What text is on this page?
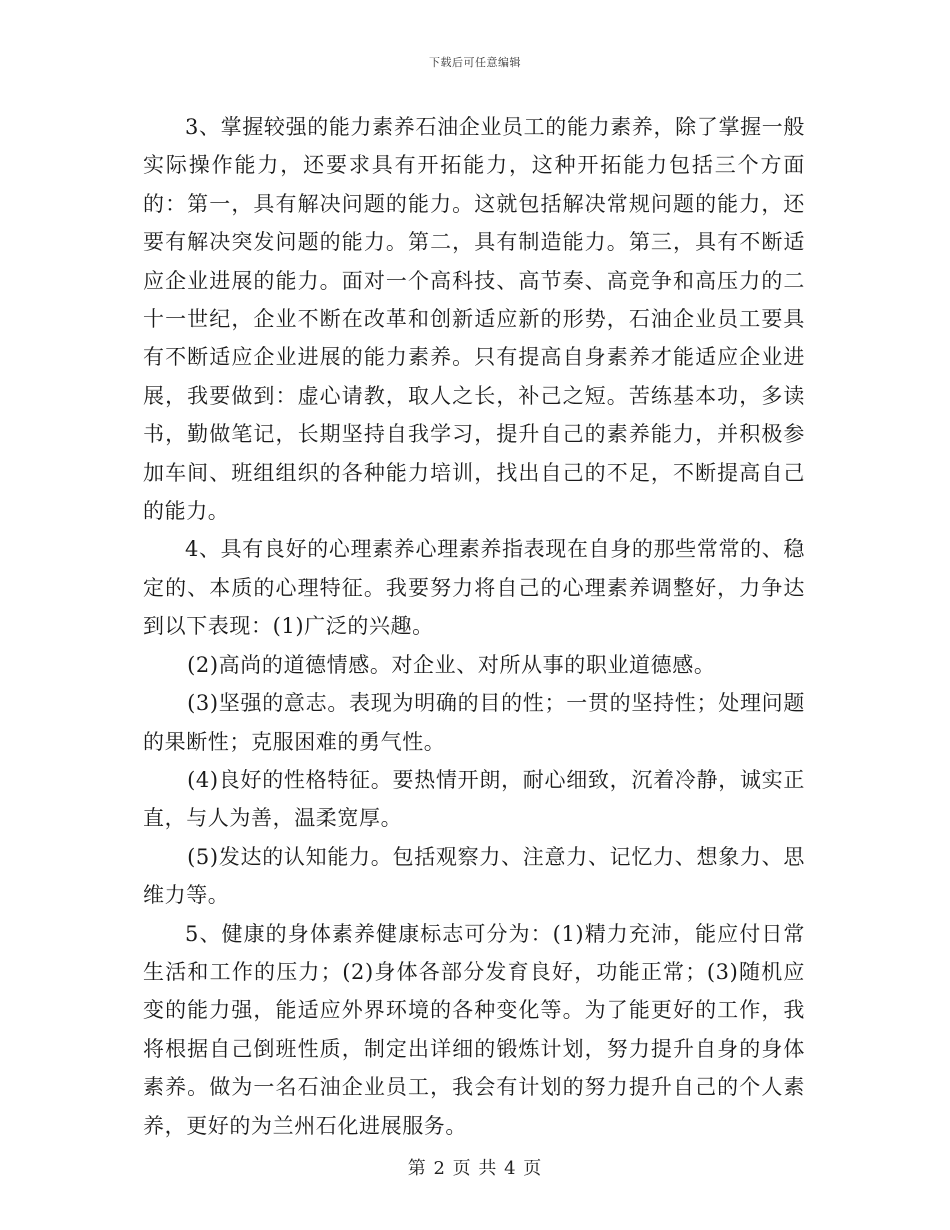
下载后可任意编辑

3、掌握较强的能力素养石油企业员工的能力素养，除了掌握一般实际操作能力，还要求具有开拓能力，这种开拓能力包括三个方面的：第一，具有解决问题的能力。这就包括解决常规问题的能力，还要有解决突发问题的能力。第二，具有制造能力。第三，具有不断适应企业进展的能力。面对一个高科技、高节奏、高竞争和高压力的二十一世纪，企业不断在改革和创新适应新的形势，石油企业员工要具有不断适应企业进展的能力素养。只有提高自身素养才能适应企业进展，我要做到：虚心请教，取人之长，补己之短。苦练基本功，多读书，勤做笔记，长期坚持自我学习，提升自己的素养能力，并积极参加车间、班组组织的各种能力培训，找出自己的不足，不断提高自己的能力。

4、具有良好的心理素养心理素养指表现在自身的那些常常的、稳定的、本质的心理特征。我要努力将自己的心理素养调整好，力争达到以下表现：(1)广泛的兴趣。

(2)高尚的道德情感。对企业、对所从事的职业道德感。

(3)坚强的意志。表现为明确的目的性；一贯的坚持性；处理问题的果断性；克服困难的勇气性。

(4)良好的性格特征。要热情开朗，耐心细致，沉着冷静，诚实正直，与人为善，温柔宽厚。

(5)发达的认知能力。包括观察力、注意力、记忆力、想象力、思维力等。

5、健康的身体素养健康标志可分为：(1)精力充沛，能应付日常生活和工作的压力；(2)身体各部分发育良好，功能正常；(3)随机应变的能力强，能适应外界环境的各种变化等。为了能更好的工作，我将根据自己倒班性质，制定出详细的锻炼计划，努力提升自身的身体素养。做为一名石油企业员工，我会有计划的努力提升自己的个人素养，更好的为兰州石化进展服务。

第 2 页 共 4 页
